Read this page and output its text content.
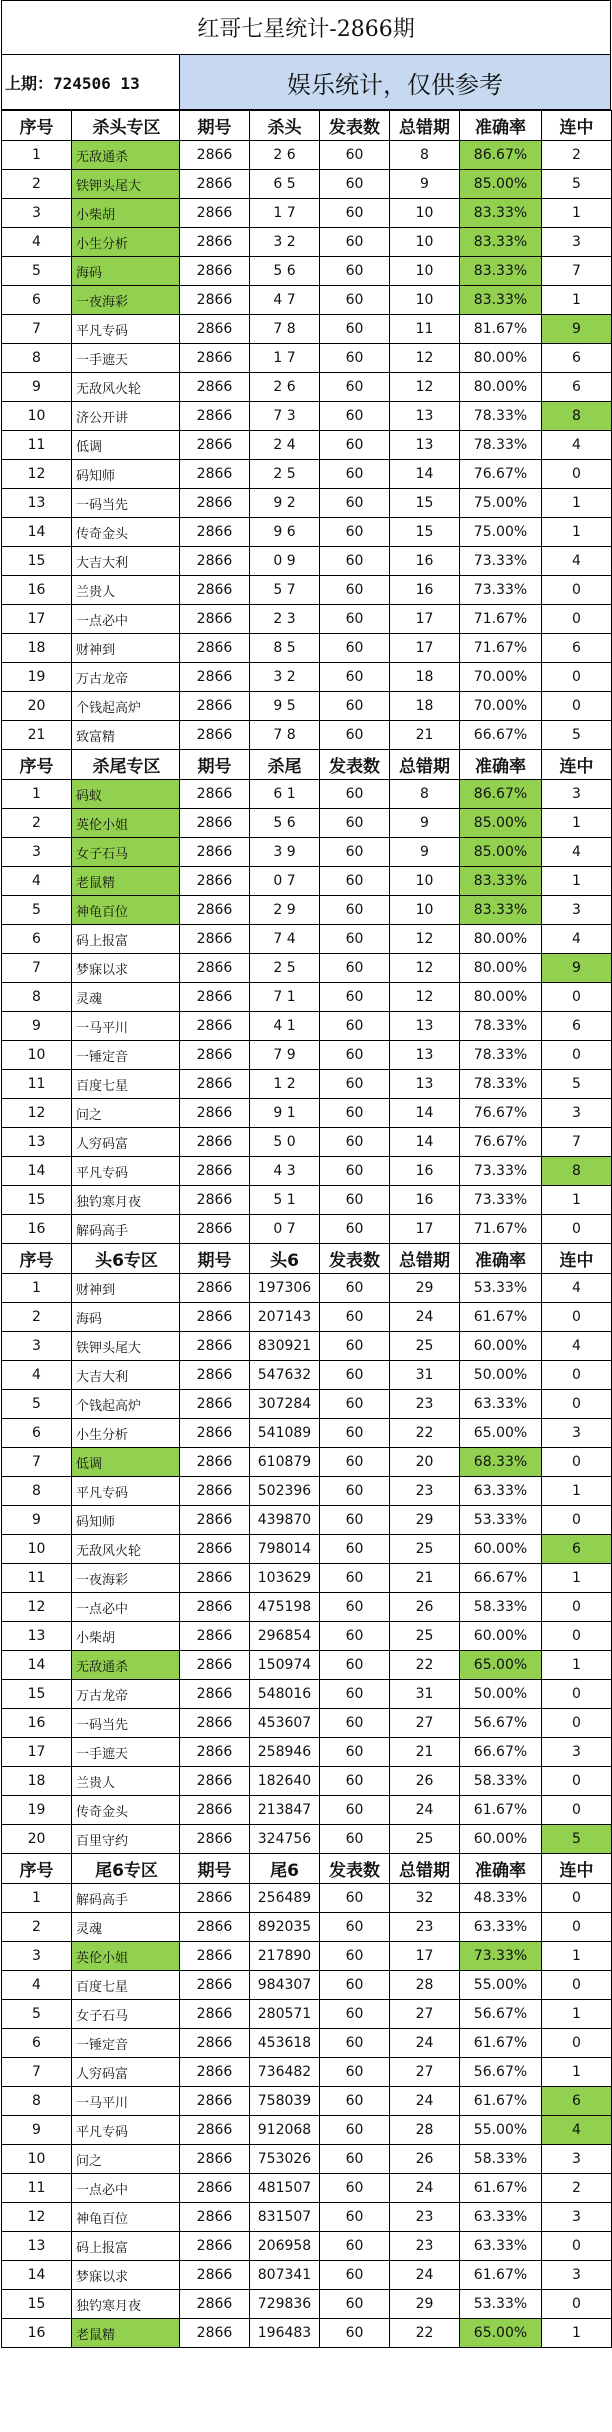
红哥七星统计-2866期
上期：724506 13	娱乐统计，仅供参考
序号	杀头专区	期号	杀头	发表数	总错期	准确率	连中
1	无敌通杀	2866	2 6	60	8	86.67%	2
2	铁钾头尾大	2866	6 5	60	9	85.00%	5
3	小柴胡	2866	1 7	60	10	83.33%	1
4	小生分析	2866	3 2	60	10	83.33%	3
5	海码	2866	5 6	60	10	83.33%	7
6	一夜海彩	2866	4 7	60	10	83.33%	1
7	平凡专码	2866	7 8	60	11	81.67%	9
8	一手遮天	2866	1 7	60	12	80.00%	6
9	无敌风火轮	2866	2 6	60	12	80.00%	6
10	济公开讲	2866	7 3	60	13	78.33%	8
11	低调	2866	2 4	60	13	78.33%	4
12	码知师	2866	2 5	60	14	76.67%	0
13	一码当先	2866	9 2	60	15	75.00%	1
14	传奇金头	2866	9 6	60	15	75.00%	1
15	大吉大利	2866	0 9	60	16	73.33%	4
16	兰贵人	2866	5 7	60	16	73.33%	0
17	一点必中	2866	2 3	60	17	71.67%	0
18	财神到	2866	8 5	60	17	71.67%	6
19	万古龙帝	2866	3 2	60	18	70.00%	0
20	个钱起高炉	2866	9 5	60	18	70.00%	0
21	致富精	2866	7 8	60	21	66.67%	5
序号	杀尾专区	期号	杀尾	发表数	总错期	准确率	连中
1	码蚁	2866	6 1	60	8	86.67%	3
2	英伦小姐	2866	5 6	60	9	85.00%	1
3	女子石马	2866	3 9	60	9	85.00%	4
4	老鼠精	2866	0 7	60	10	83.33%	1
5	神龟百位	2866	2 9	60	10	83.33%	3
6	码上报富	2866	7 4	60	12	80.00%	4
7	梦寐以求	2866	2 5	60	12	80.00%	9
8	灵魂	2866	7 1	60	12	80.00%	0
9	一马平川	2866	4 1	60	13	78.33%	6
10	一锤定音	2866	7 9	60	13	78.33%	0
11	百度七星	2866	1 2	60	13	78.33%	5
12	问之	2866	9 1	60	14	76.67%	3
13	人穷码富	2866	5 0	60	14	76.67%	7
14	平凡专码	2866	4 3	60	16	73.33%	8
15	独钓寒月夜	2866	5 1	60	16	73.33%	1
16	解码高手	2866	0 7	60	17	71.67%	0
序号	头6专区	期号	头6	发表数	总错期	准确率	连中
1	财神到	2866	197306	60	29	53.33%	4
2	海码	2866	207143	60	24	61.67%	0
3	铁钾头尾大	2866	830921	60	25	60.00%	4
4	大吉大利	2866	547632	60	31	50.00%	0
5	个钱起高炉	2866	307284	60	23	63.33%	0
6	小生分析	2866	541089	60	22	65.00%	3
7	低调	2866	610879	60	20	68.33%	0
8	平凡专码	2866	502396	60	23	63.33%	1
9	码知师	2866	439870	60	29	53.33%	0
10	无敌风火轮	2866	798014	60	25	60.00%	6
11	一夜海彩	2866	103629	60	21	66.67%	1
12	一点必中	2866	475198	60	26	58.33%	0
13	小柴胡	2866	296854	60	25	60.00%	0
14	无敌通杀	2866	150974	60	22	65.00%	1
15	万古龙帝	2866	548016	60	31	50.00%	0
16	一码当先	2866	453607	60	27	56.67%	0
17	一手遮天	2866	258946	60	21	66.67%	3
18	兰贵人	2866	182640	60	26	58.33%	0
19	传奇金头	2866	213847	60	24	61.67%	0
20	百里守约	2866	324756	60	25	60.00%	5
序号	尾6专区	期号	尾6	发表数	总错期	准确率	连中
1	解码高手	2866	256489	60	32	48.33%	0
2	灵魂	2866	892035	60	23	63.33%	0
3	英伦小姐	2866	217890	60	17	73.33%	1
4	百度七星	2866	984307	60	28	55.00%	0
5	女子石马	2866	280571	60	27	56.67%	1
6	一锤定音	2866	453618	60	24	61.67%	0
7	人穷码富	2866	736482	60	27	56.67%	1
8	一马平川	2866	758039	60	24	61.67%	6
9	平凡专码	2866	912068	60	28	55.00%	4
10	问之	2866	753026	60	26	58.33%	3
11	一点必中	2866	481507	60	24	61.67%	2
12	神龟百位	2866	831507	60	23	63.33%	3
13	码上报富	2866	206958	60	23	63.33%	0
14	梦寐以求	2866	807341	60	24	61.67%	3
15	独钓寒月夜	2866	729836	60	29	53.33%	0
16	老鼠精	2866	196483	60	22	65.00%	1
